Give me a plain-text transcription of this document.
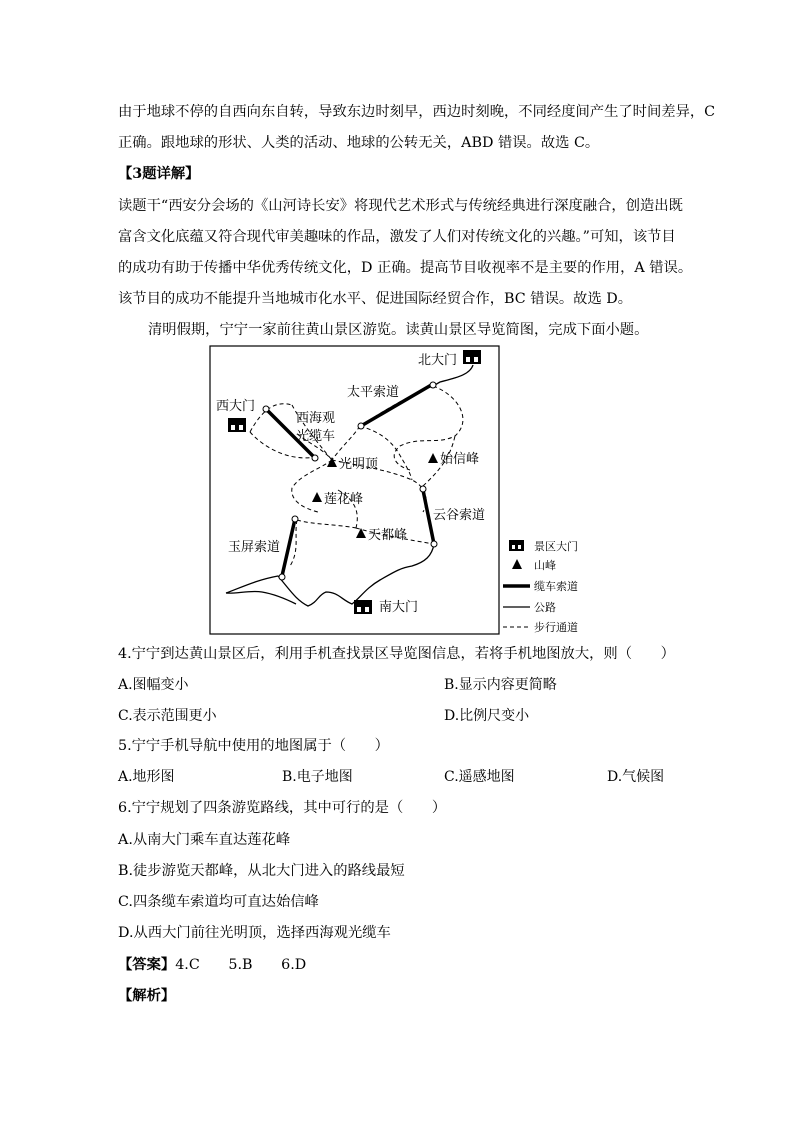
由于地球不停的自西向东自转，导致东边时刻早，西边时刻晚，不同经度间产生了时间差异，C
正确。跟地球的形状、人类的活动、地球的公转无关，ABD 错误。故选 C。
【3题详解】
读题干“西安分会场的《山河诗长安》将现代艺术形式与传统经典进行深度融合，创造出既
富含文化底蕴又符合现代审美趣味的作品，激发了人们对传统文化的兴趣。”可知，该节目
的成功有助于传播中华优秀传统文化，D 正确。提高节目收视率不是主要的作用，A 错误。
该节目的成功不能提升当地城市化水平、促进国际经贸合作，BC 错误。故选 D。
清明假期，宁宁一家前往黄山景区游览。读黄山景区导览简图，完成下面小题。
北大门
西大门
南大门
太平索道
西海观
光缆车
云谷索道
玉屏索道
光明顶	始信峰
莲花峰
天都峰
景区大门
山峰
缆车索道
公路
步行通道
4.宁宁到达黄山景区后，利用手机查找景区导览图信息，若将手机地图放大，则（　　）
A.图幅变小	B.显示内容更简略
C.表示范围更小	D.比例尺变小
5.宁宁手机导航中使用的地图属于（　　）
A.地形图	B.电子地图	C.遥感地图	D.气候图
6.宁宁规划了四条游览路线，其中可行的是（　　）
A.从南大门乘车直达莲花峰
B.徒步游览天都峰，从北大门进入的路线最短
C.四条缆车索道均可直达始信峰
D.从西大门前往光明顶，选择西海观光缆车
【答案】4.C　　5.B　　6.D
【解析】
